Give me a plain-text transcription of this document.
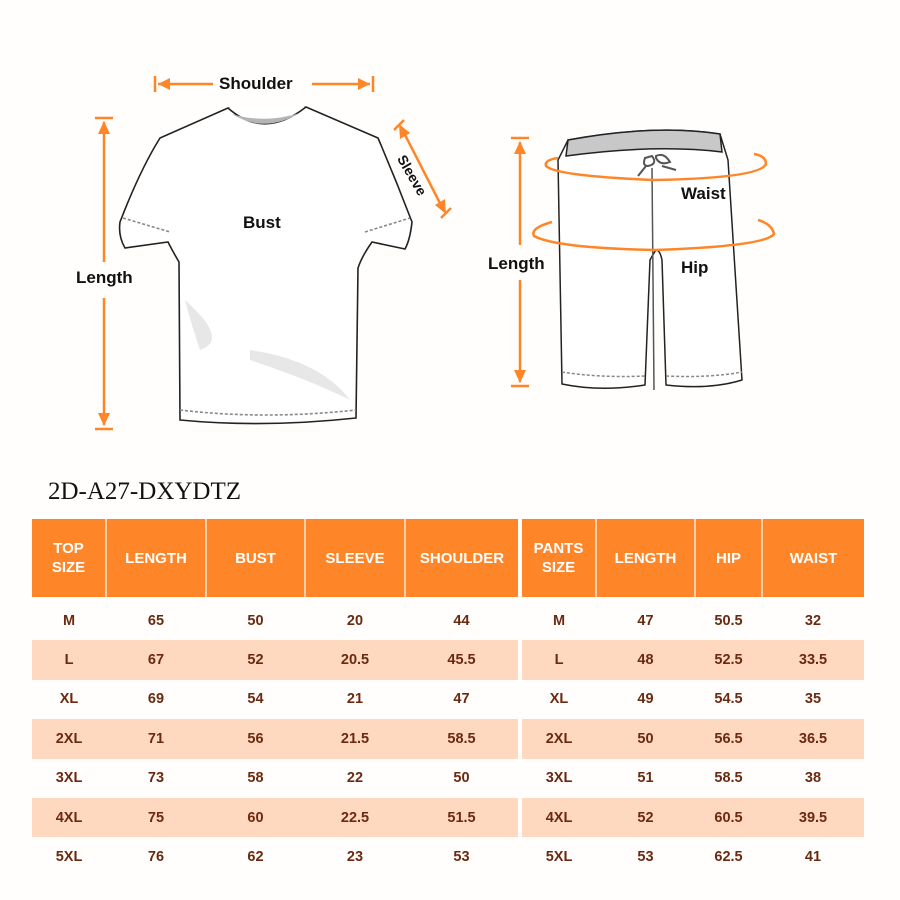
Shoulder
Bust
Length
Sleeve	Waist
Hip
Length
2D-A27-DXYDTZ
TOP
SIZE	LENGTH	BUST	SLEEVE	SHOULDER
M	65	50	20	44
L	67	52	20.5	45.5
XL	69	54	21	47
2XL	71	56	21.5	58.5
3XL	73	58	22	50
4XL	75	60	22.5	51.5
5XL	76	62	23	53
PANTS
SIZE	LENGTH	HIP	WAIST
M	47	50.5	32
L	48	52.5	33.5
XL	49	54.5	35
2XL	50	56.5	36.5
3XL	51	58.5	38
4XL	52	60.5	39.5
5XL	53	62.5	41
